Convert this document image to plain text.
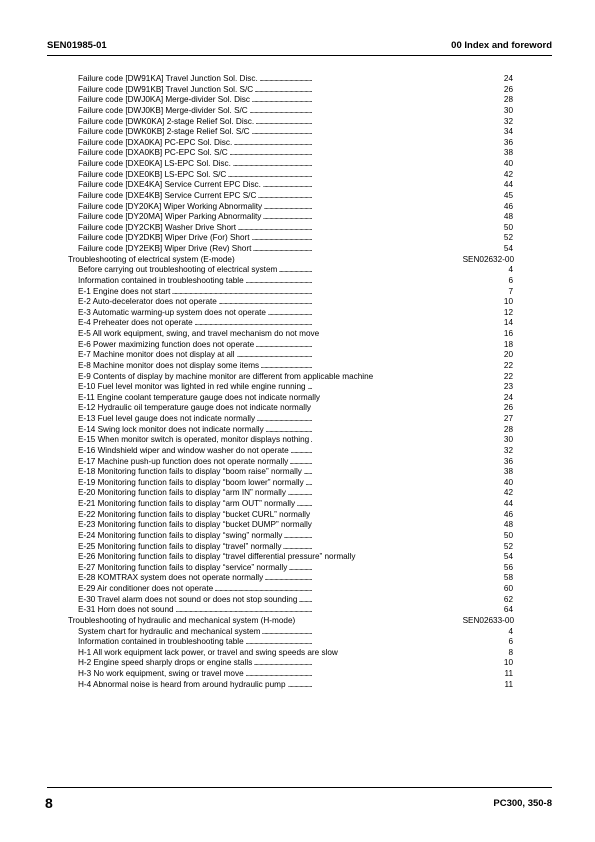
SEN01985-01	00 Index and foreword
. . .
Failure code [DW91KA] Travel Junction Sol. Disc.	24
. . .
Failure code [DW91KB] Travel Junction Sol. S/C	26
. . .
Failure code [DWJ0KA] Merge-divider Sol. Disc	28
. . .
Failure code [DWJ0KB] Merge-divider Sol. S/C	30
. . .
Failure code [DWK0KA] 2-stage Relief Sol. Disc.	32
. . .
Failure code [DWK0KB] 2-stage Relief Sol. S/C	34
. . .
Failure code [DXA0KA] PC-EPC Sol. Disc.	36
. . .
Failure code [DXA0KB] PC-EPC Sol. S/C	38
. . .
Failure code [DXE0KA] LS-EPC Sol. Disc.	40
. . .
Failure code [DXE0KB] LS-EPC Sol. S/C	42
. . .
Failure code [DXE4KA] Service Current EPC Disc.	44
. . .
Failure code [DXE4KB] Service Current EPC S/C	45
. . .
Failure code [DY20KA] Wiper Working Abnormality	46
. . .
Failure code [DY20MA] Wiper Parking Abnormality	48
. . .
Failure code [DY2CKB] Washer Drive Short	50
. . .
Failure code [DY2DKB] Wiper Drive (For) Short	52
. . .
Failure code [DY2EKB] Wiper Drive (Rev) Short	54
Troubleshooting of electrical system (E-mode)	SEN02632-00
. . .
Before carrying out troubleshooting of electrical system	4
. . .
Information contained in troubleshooting table	6
. . .
E-1 Engine does not start	7
. . .
E-2 Auto-decelerator does not operate	10
. . .
E-3 Automatic warming-up system does not operate	12
. . .
E-4 Preheater does not operate	14
. . .
E-5 All work equipment, swing, and travel mechanism do not move	16
. . .
E-6 Power maximizing function does not operate	18
. . .
E-7 Machine monitor does not display at all	20
. . .
E-8 Machine monitor does not display some items	22
. . .
E-9 Contents of display by machine monitor are different from applicable machine	22
. . .
E-10 Fuel level monitor was lighted in red while engine running	23
. . .
E-11 Engine coolant temperature gauge does not indicate normally	24
. . .
E-12 Hydraulic oil temperature gauge does not indicate normally	26
. . .
E-13 Fuel level gauge does not indicate normally	27
. . .
E-14 Swing lock monitor does not indicate normally	28
. . .
E-15 When monitor switch is operated, monitor displays nothing	30
. . .
E-16 Windshield wiper and window washer do not operate	32
. . .
E-17 Machine push-up function does not operate normally	36
. . .
E-18 Monitoring function fails to display “boom raise” normally	38
. . .
E-19 Monitoring function fails to display “boom lower” normally	40
. . .
E-20 Monitoring function fails to display “arm IN” normally	42
. . .
E-21 Monitoring function fails to display “arm OUT” normally	44
. . .
E-22 Monitoring function fails to display “bucket CURL” normally	46
. . .
E-23 Monitoring function fails to display “bucket DUMP” normally	48
. . .
E-24 Monitoring function fails to display “swing” normally	50
. . .
E-25 Monitoring function fails to display “travel” normally	52
. . .
E-26 Monitoring function fails to display “travel differential pressure” normally	54
. . .
E-27 Monitoring function fails to display “service” normally	56
. . .
E-28 KOMTRAX system does not operate normally	58
. . .
E-29 Air conditioner does not operate	60
. . .
E-30 Travel alarm does not sound or does not stop sounding	62
. . .
E-31 Horn does not sound	64
Troubleshooting of hydraulic and mechanical system (H-mode)	SEN02633-00
. . .
System chart for hydraulic and mechanical system	4
. . .
Information contained in troubleshooting table	6
. . .
H-1 All work equipment lack power, or travel and swing speeds are slow	8
. . .
H-2 Engine speed sharply drops or engine stalls	10
. . .
H-3 No work equipment, swing or travel move	11
. . .
H-4 Abnormal noise is heard from around hydraulic pump	11
8	PC300, 350-8
